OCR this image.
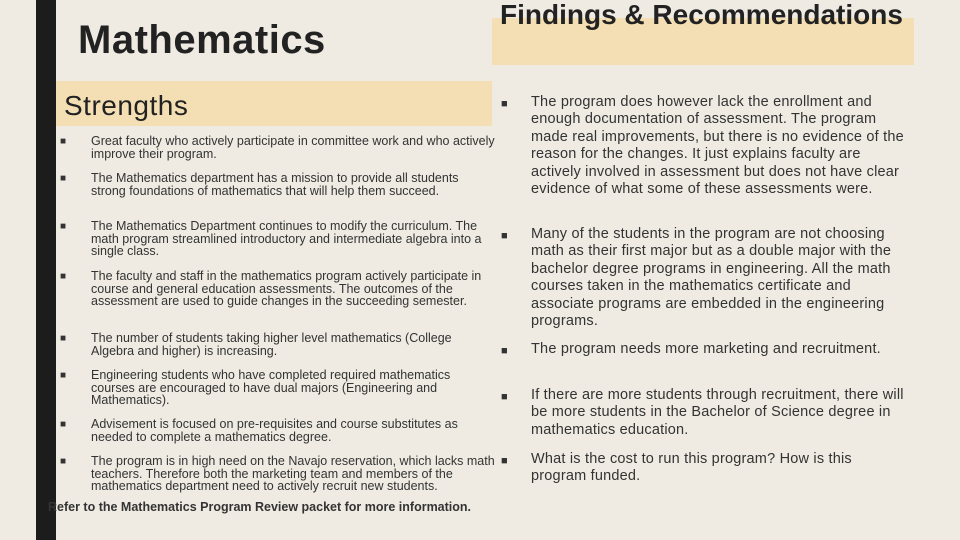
Mathematics
Findings & Recommendations
Strengths
■ Great faculty who actively participate in committee work and who actively improve their program.
■ The Mathematics department has a mission to provide all students strong foundations of mathematics that will help them succeed.
■ The Mathematics Department continues to modify the curriculum. The math program streamlined introductory and intermediate algebra into a single class.
■ The faculty and staff in the mathematics program actively participate in course and general education assessments. The outcomes of the assessment are used to guide changes in the succeeding semester.
■ The number of students taking higher level mathematics (College Algebra and higher) is increasing.
■ Engineering students who have completed required mathematics courses are encouraged to have dual majors (Engineering and Mathematics).
■ Advisement is focused on pre-requisites and course substitutes as needed to complete a mathematics degree.
■ The program is in high need on the Navajo reservation, which lacks math teachers. Therefore both the marketing team and members of the mathematics department need to actively recruit new students.
■ The program does however lack the enrollment and enough documentation of assessment. The program made real improvements, but there is no evidence of the reason for the changes. It just explains faculty are actively involved in assessment but does not have clear evidence of what some of these assessments were.
■ Many of the students in the program are not choosing math as their first major but as a double major with the bachelor degree programs in engineering. All the math courses taken in the mathematics certificate and associate programs are embedded in the engineering programs.
■ The program needs more marketing and recruitment.
■ If there are more students through recruitment, there will be more students in the Bachelor of Science degree in mathematics education.
■ What is the cost to run this program? How is this program funded.
Refer to the Mathematics Program Review packet for more information.
